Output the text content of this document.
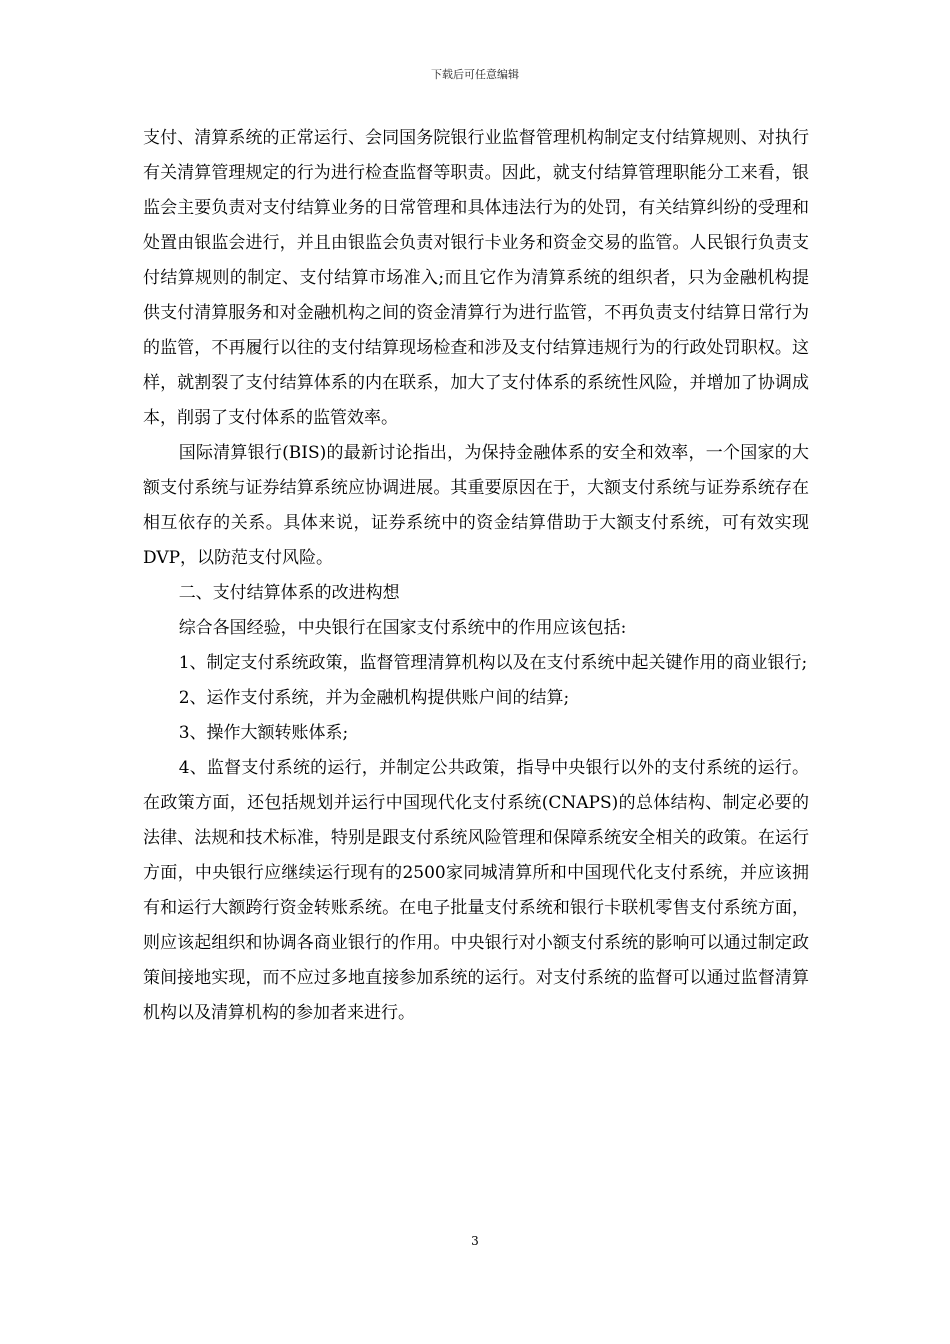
下载后可任意编辑

支付、清算系统的正常运行、会同国务院银行业监督管理机构制定支付结算规则、对执行有关清算管理规定的行为进行检查监督等职责。因此，就支付结算管理职能分工来看，银监会主要负责对支付结算业务的日常管理和具体违法行为的处罚，有关结算纠纷的受理和处置由银监会进行，并且由银监会负责对银行卡业务和资金交易的监管。人民银行负责支付结算规则的制定、支付结算市场准入;而且它作为清算系统的组织者，只为金融机构提供支付清算服务和对金融机构之间的资金清算行为进行监管，不再负责支付结算日常行为的监管，不再履行以往的支付结算现场检查和涉及支付结算违规行为的行政处罚职权。这样，就割裂了支付结算体系的内在联系，加大了支付体系的系统性风险，并增加了协调成本，削弱了支付体系的监管效率。

国际清算银行(BIS)的最新讨论指出，为保持金融体系的安全和效率，一个国家的大额支付系统与证券结算系统应协调进展。其重要原因在于，大额支付系统与证券系统存在相互依存的关系。具体来说，证券系统中的资金结算借助于大额支付系统，可有效实现DVP，以防范支付风险。

二、支付结算体系的改进构想

综合各国经验，中央银行在国家支付系统中的作用应该包括:

1、制定支付系统政策，监督管理清算机构以及在支付系统中起关键作用的商业银行;

2、运作支付系统，并为金融机构提供账户间的结算;

3、操作大额转账体系;

4、监督支付系统的运行，并制定公共政策，指导中央银行以外的支付系统的运行。在政策方面，还包括规划并运行中国现代化支付系统(CNAPS)的总体结构、制定必要的法律、法规和技术标准，特别是跟支付系统风险管理和保障系统安全相关的政策。在运行方面，中央银行应继续运行现有的2500家同城清算所和中国现代化支付系统，并应该拥有和运行大额跨行资金转账系统。在电子批量支付系统和银行卡联机零售支付系统方面，则应该起组织和协调各商业银行的作用。中央银行对小额支付系统的影响可以通过制定政策间接地实现，而不应过多地直接参加系统的运行。对支付系统的监督可以通过监督清算机构以及清算机构的参加者来进行。

3
